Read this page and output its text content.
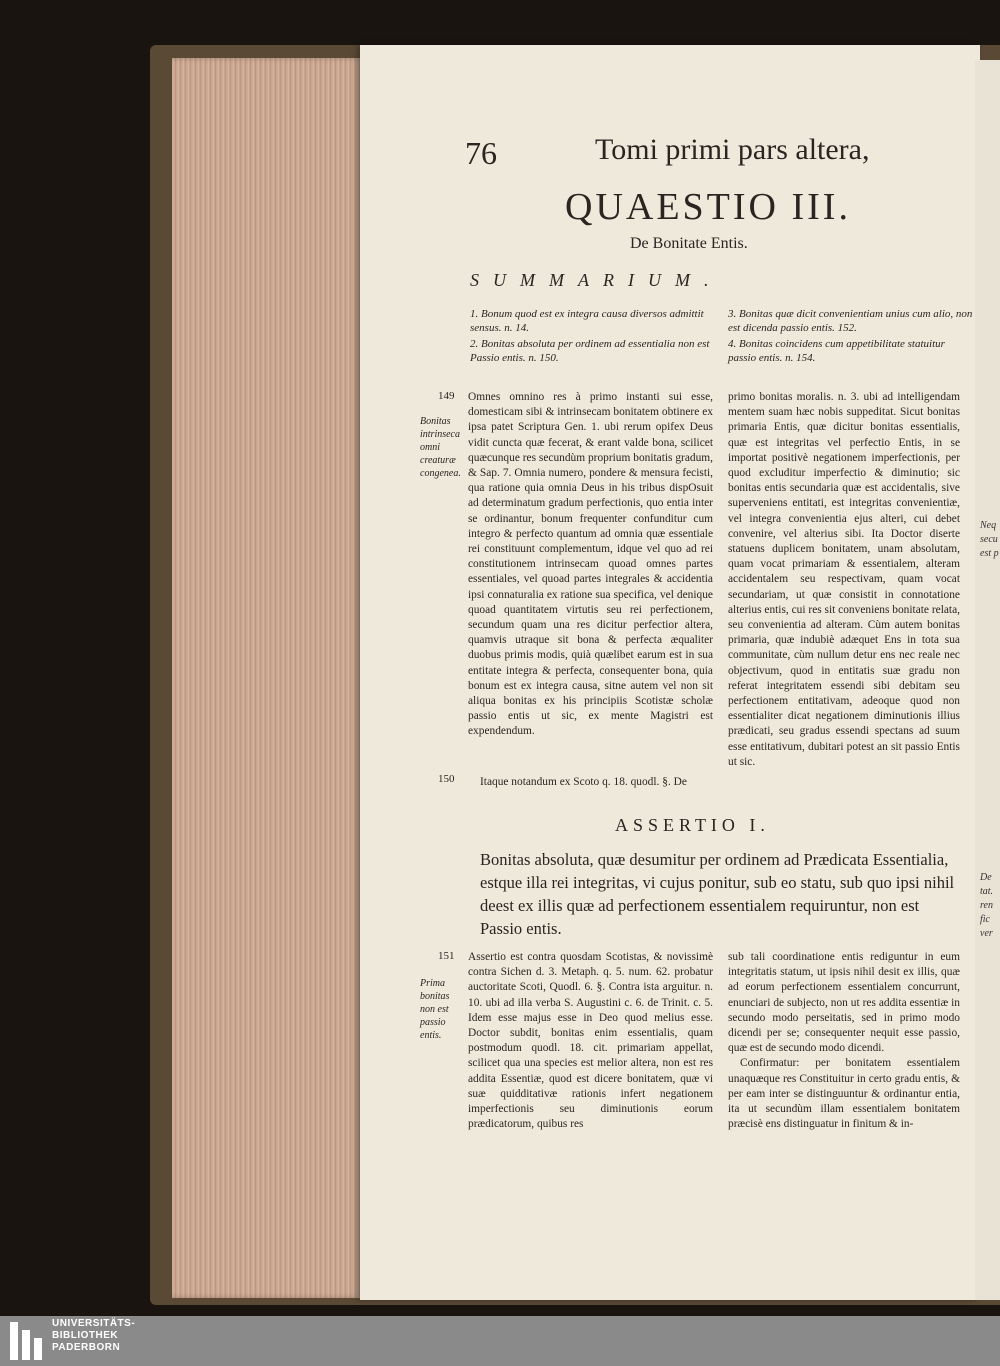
76	Tomi primi pars altera,
QUAESTIO III.
De Bonitate Entis.
SUMMARIUM.
1. Bonum quod est ex integra causa diversos admittit sensus. n. 14.
2. Bonitas absoluta per ordinem ad essentialia non est Passio entis. n. 150.
3. Bonitas quæ dicit convenientiam unius cum alio, non est dicenda passio entis. 152.
4. Bonitas coincidens cum appetibilitate statuitur passio entis. n. 154.
149
Bonitas intrinseca omni creaturæ congenea.
Omnes omnino res à primo instanti sui esse, domesticam sibi & intrinsecam bonitatem obtinere ex ipsa patet Scriptura Gen. 1. ubi rerum opifex Deus vidit cuncta quæ fecerat, & erant valde bona, scilicet quæcunque res secundùm proprium bonitatis gradum, & Sap. 7. Omnia numero, pondere & mensura fecisti, qua ratione quia omnia Deus in his tribus dispOsuit ad determinatum gradum perfectionis, quo entia inter se ordinantur, bonum frequenter confunditur cum integro & perfecto quantum ad omnia quæ essentiale rei constituunt complementum, idque vel quo ad rei constitutionem intrinsecam quoad omnes partes essentiales, vel quoad partes integrales & accidentia ipsi connaturalia ex ratione sua specifica, vel denique quoad quantitatem virtutis seu rei perfectionem, secundum quam una res dicitur perfectior altera, quamvis utraque sit bona & perfecta æqualiter duobus primis modis, quià quælibet earum est in sua entitate integra & perfecta, consequenter bona, quia bonum est ex integra causa, sitne autem vel non sit aliqua bonitas ex his principiis Scotistæ scholæ passio entis ut sic, ex mente Magistri est expendendum.
150 Itaque notandum ex Scoto q. 18. quodl. §. De
primo bonitas moralis. n. 3. ubi ad intelligendam mentem suam hæc nobis suppeditat. Sicut bonitas primaria Entis, quæ dicitur bonitas essentialis, quæ est integritas vel perfectio Entis, in se importat positivè negationem imperfectionis, per quod excluditur imperfectio & diminutio; sic bonitas entis secundaria quæ est accidentalis, sive superveniens entitati, est integritas convenientiæ, vel integra convenientia ejus alteri, cui debet convenire, vel alterius sibi. Ita Doctor diserte statuens duplicem bonitatem, unam absolutam, quam vocat primariam & essentialem, alteram accidentalem seu respectivam, quam vocat secundariam, ut quæ consistit in connotatione alterius entis, cui res sit conveniens bonitate relata, seu convenientia ad alteram. Cùm autem bonitas primaria, quæ indubiè adæquet Ens in tota sua communitate, cùm nullum detur ens nec reale nec objectivum, quod in entitatis suæ gradu non referat integritatem essendi sibi debitam seu perfectionem entitativam, adeoque quod non essentialiter dicat negationem diminutionis illius prædicati, seu gradus essendi spectans ad suum esse entitativum, dubitari potest an sit passio Entis ut sic.
ASSERTIO I.
Bonitas absoluta, quæ desumitur per ordinem ad Prædicata Essentialia, estque illa rei integritas, vi cujus ponitur, sub eo statu, sub quo ipsi nihil deest ex illis quæ ad perfectionem essentialem requiruntur, non est Passio entis.
151
Prima bonitas non est passio entis.
Assertio est contra quosdam Scotistas, & novissimè contra Sichen d. 3. Metaph. q. 5. num. 62. probatur auctoritate Scoti, Quodl. 6. §. Contra ista arguitur. n. 10. ubi ad illa verba S. Augustini c. 6. de Trinit. c. 5. Idem esse majus esse in Deo quod melius esse. Doctor subdit, bonitas enim essentialis, quam postmodum quodl. 18. cit. primariam appellat, scilicet qua una species est melior altera, non est res addita Essentiæ, quod est dicere bonitatem, quæ vi suæ quidditativæ rationis infert negationem imperfectionis seu diminutionis eorum prædicatorum, quibus res
sub tali coordinatione entis rediguntur in eum integritatis statum, ut ipsis nihil desit ex illis, quæ ad eorum perfectionem essentialem concurrunt, enunciari de subjecto, non ut res addita essentiæ in secundo modo perseitatis, sed in primo modo dicendi per se; consequenter nequit esse passio, quæ est de secundo modo dicendi.
Confirmatur: per bonitatem essentialem unaquæque res Constituitur in certo gradu entis, & per eam inter se distinguuntur & ordinantur entia, ita ut secundùm illam essentialem bonitatem præcisè ens distinguatur in finitum & in-
Neq
secu
est p
De
tat.
ren
fic
ver
UNIVERSITÄTS-
BIBLIOTHEK
PADERBORN
